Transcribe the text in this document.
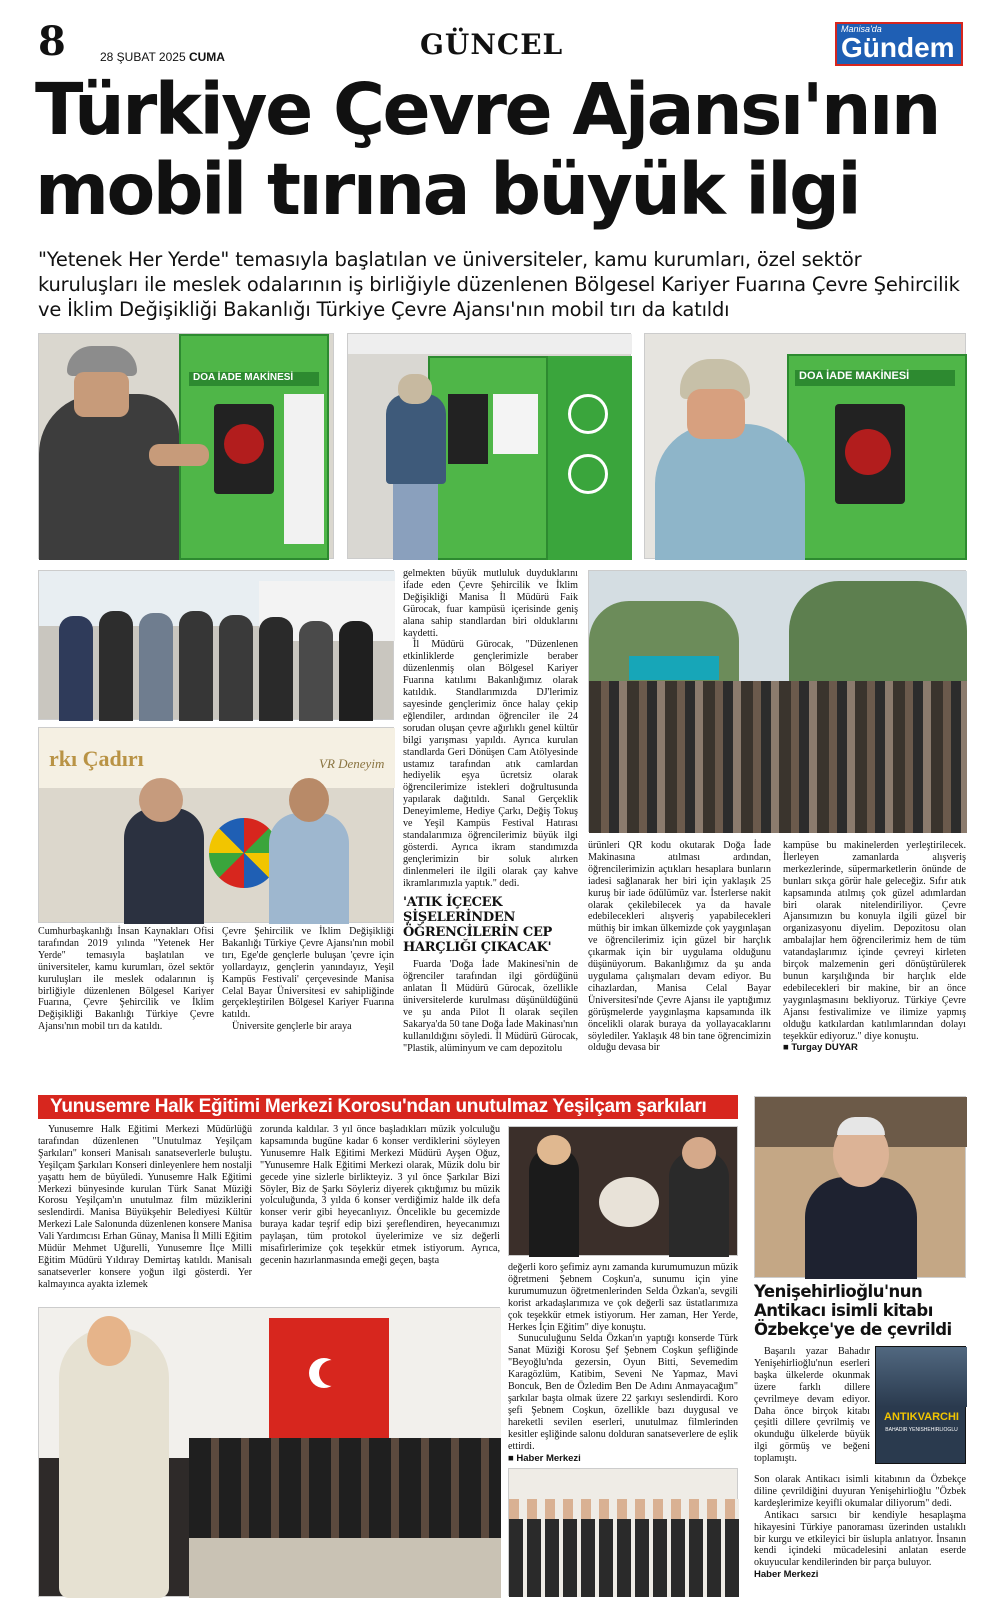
8	28 ŞUBAT 2025 CUMA	GÜNCEL	Manisa'da
Gündem
Türkiye Çevre Ajansı'nın
mobil tırına büyük ilgi
"Yetenek Her Yerde" temasıyla başlatılan ve üniversiteler, kamu kurumları, özel sektör kuruluşları ile meslek odalarının iş birliğiyle düzenlenen Bölgesel Kariyer Fuarına Çevre Şehircilik ve İklim Değişikliği Bakanlığı Türkiye Çevre Ajansı'nın mobil tırı da katıldı
DOA İADE MAKİNESİ	DOA İADE MAKİNESİ
rkı Çadırı	VR Deneyim
Cumhurbaşkanlığı İnsan Kaynakları Ofisi tarafından 2019 yılında "Yetenek Her Yerde" temasıyla başlatılan ve üniversiteler, kamu kurumları, özel sektör kuruluşları ile meslek odalarının iş birliğiyle düzenlenen Bölgesel Kariyer Fuarına, Çevre Şehircilik ve İklim Değişikliği Bakanlığı Türkiye Çevre Ajansı'nın mobil tırı da katıldı.

Çevre Şehircilik ve İklim Değişikliği Bakanlığı Türkiye Çevre Ajansı'nın mobil tırı, Ege'de gençlerle buluşan 'çevre için yollardayız, gençlerin yanındayız, Yeşil Kampüs Festivali' çerçevesinde Manisa Celal Bayar Üniversitesi ev sahipliğinde gerçekleştirilen Bölgesel Kariyer Fuarına katıldı.

Üniversite gençlerle bir araya

gelmekten büyük mutluluk duyduklarını ifade eden Çevre Şehircilik ve İklim Değişikliği Manisa İl Müdürü Faik Gürocak, fuar kampüsü içerisinde geniş alana sahip standlardan biri olduklarını kaydetti.

İl Müdürü Gürocak, "Düzenlenen etkinliklerde gençlerimizle beraber düzenlenmiş olan Bölgesel Kariyer Fuarına katılımı Bakanlığımız olarak katıldık. Standlarımızda DJ'lerimiz sayesinde gençlerimiz önce halay çekip eğlendiler, ardından öğrenciler ile 24 sorudan oluşan çevre ağırlıklı genel kültür bilgi yarışması yapıldı. Ayrıca kurulan standlarda Geri Dönüşen Cam Atölyesinde ustamız tarafından atık camlardan hediyelik eşya ücretsiz olarak öğrencilerimize istekleri doğrultusunda yapılarak dağıtıldı. Sanal Gerçeklik Deneyimleme, Hediye Çarkı, Değiş Tokuş ve Yeşil Kampüs Festival Hatırası standalarımıza öğrencilerimiz büyük ilgi gösterdi. Ayrıca ikram standımızda gençlerimizin bir soluk alırken dinlenmeleri ile ilgili olarak çay kahve ikramlarımızla yaptık." dedi.

'ATIK İÇECEK ŞİŞELERİNDEN ÖĞRENCİLERİN CEP HARÇLIĞI ÇIKACAK'

Fuarda 'Doğa İade Makinesi'nin de öğrenciler tarafından ilgi gördüğünü anlatan İl Müdürü Gürocak, özellikle üniversitelerde kurulması düşünüldüğünü ve şu anda Pilot İl olarak seçilen Sakarya'da 50 tane Doğa İade Makinası'nın kullanıldığını söyledi. İl Müdürü Gürocak, "Plastik, alüminyum ve cam depozitolu

ürünleri QR kodu okutarak Doğa İade Makinasına atılması ardından, öğrencilerimizin açtıkları hesaplara bunların iadesi sağlanarak her biri için yaklaşık 25 kuruş bir iade ödülümüz var. İsterlerse nakit olarak çekilebilecek ya da havale edebilecekleri alışveriş yapabilecekleri müthiş bir imkan ülkemizde çok yaygınlaşan ve öğrencilerimiz için güzel bir harçlık çıkarmak için bir uygulama olduğunu düşünüyorum. Bakanlığımız da şu anda uygulama çalışmaları devam ediyor. Bu cihazlardan, Manisa Celal Bayar Üniversitesi'nde Çevre Ajansı ile yaptığımız görüşmelerde yaygınlaşma kapsamında ilk öncelikli olarak buraya da yollayacaklarını söylediler. Yaklaşık 48 bin tane öğrencimizin olduğu devasa bir

kampüse bu makinelerden yerleştirilecek. İlerleyen zamanlarda alışveriş merkezlerinde, süpermarketlerin önünde de bunları sıkça görür hale geleceğiz. Sıfır atık kapsamında atılmış çok güzel adımlardan biri olarak nitelendiriliyor. Çevre Ajansımızın bu konuyla ilgili güzel bir organizasyonu diyelim. Depozitosu olan ambalajlar hem öğrencilerimiz hem de tüm vatandaşlarımız içinde çevreyi kirleten birçok malzemenin geri dönüştürülerek bunun karşılığında bir harçlık elde edebilecekleri bir makine, bir an önce yaygınlaşmasını bekliyoruz. Türkiye Çevre Ajansı festivalimize ve ilimize yapmış olduğu katkılardan katılımlarından dolayı teşekkür ediyoruz." diye konuştu.

■ Turgay DUYAR

Yunusemre Halk Eğitimi Merkezi Korosu'ndan unutulmaz Yeşilçam şarkıları
Yunusemre Halk Eğitimi Merkezi Müdürlüğü tarafından düzenlenen "Unutulmaz Yeşilçam Şarkıları" konseri Manisalı sanatseverlerle buluştu. Yeşilçam Şarkıları Konseri dinleyenlere hem nostalji yaşattı hem de büyüledi. Yunusemre Halk Eğitimi Merkezi bünyesinde kurulan Türk Sanat Müziği Korosu Yeşilçam'ın unutulmaz film müziklerini seslendirdi. Manisa Büyükşehir Belediyesi Kültür Merkezi Lale Salonunda düzenlenen konsere Manisa Vali Yardımcısı Erhan Günay, Manisa İl Milli Eğitim Müdür Mehmet Uğurelli, Yunusemre İlçe Milli Eğitim Müdürü Yıldıray Demirtaş katıldı. Manisalı sanatseverler konsere yoğun ilgi gösterdi. Yer kalmayınca ayakta izlemek
zorunda kaldılar. 3 yıl önce başladıkları müzik yolculuğu kapsamında bugüne kadar 6 konser verdiklerini söyleyen Yunusemre Halk Eğitimi Merkezi Müdürü Ayşen Oğuz, "Yunusemre Halk Eğitimi Merkezi olarak, Müzik dolu bir gecede yine sizlerle birlikteyiz. 3 yıl önce Şarkılar Bizi Söyler, Biz de Şarkı Söyleriz diyerek çıktığımız bu müzik yolculuğunda, 3 yılda 6 konser verdiğimiz halde ilk defa konser verir gibi heyecanlıyız. Öncelikle bu gecemizde buraya kadar teşrif edip bizi şereflendiren, heyecanımızı paylaşan, tüm protokol üyelerimize ve siz değerli misafirlerimize çok teşekkür etmek istiyorum. Ayrıca, gecenin hazırlanmasında emeği geçen, başta

değerli koro şefimiz aynı zamanda kurumumuzun müzik öğretmeni Şebnem Coşkun'a, sunumu için yine kurumumuzun öğretmenlerinden Selda Özkan'a, sevgili korist arkadaşlarımıza ve çok değerli saz üstatlarımıza çok teşekkür etmek istiyorum. Her zaman, Her Yerde, Herkes İçin Eğitim" diye konuştu.

Sunuculuğunu Selda Özkan'ın yaptığı konserde Türk Sanat Müziği Korosu Şef Şebnem Coşkun şefliğinde "Beyoğlu'nda gezersin, Oyun Bitti, Sevemedim Karagözlüm, Katibim, Seveni Ne Yapmaz, Mavi Boncuk, Ben de Özledim Ben De Adını Anmayacağım" şarkılar başta olmak üzere 22 şarkıyı seslendirdi. Koro şefi Şebnem Coşkun, özellikle bazı duygusal ve hareketli sevilen eserleri, unutulmaz filmlerinden kesitler eşliğinde salonu dolduran sanatseverlere de eşlik ettirdi.

■ Haber Merkezi

Yenişehirlioğlu'nun Antikacı isimli kitabı Özbekçe'ye de çevrildi
ANTIKVARCHI
BAHADIR YENISHEHIRLIOGLU
Başarılı yazar Bahadır Yenişehirlioğlu'nun eserleri başka ülkelerde okunmak üzere farklı dillere çevrilmeye devam ediyor. Daha önce birçok kitabı çeşitli dillere çevrilmiş ve okunduğu ülkelerde büyük ilgi görmüş ve beğeni toplamıştı.

Son olarak Antikacı isimli kitabının da Özbekçe diline çevrildiğini duyuran Yenişehirlioğlu "Özbek kardeşlerimize keyifli okumalar diliyorum" dedi.

Antikacı sarsıcı bir kendiyle hesaplaşma hikayesini Türkiye panoraması üzerinden ustalıklı bir kurgu ve etkileyici bir üslupla anlatıyor. İnsanın kendi içindeki mücadelesini anlatan eserde okuyucular kendilerinden bir parça buluyor.

Haber Merkezi
